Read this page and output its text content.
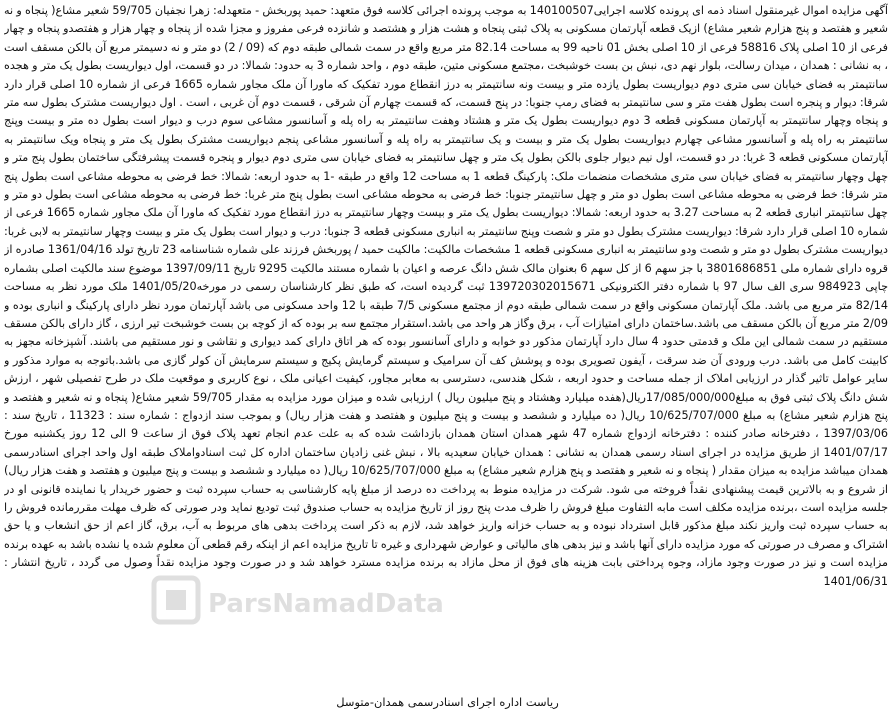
آگهی مزایده اموال غیرمنقول اسناد ذمه ای پرونده کلاسه اجرایی140100507 به موجب پرونده اجرائی کلاسه فوق متعهد: حمید پوربخش - متعهدله: زهرا نجفیان 59/705 شعیر مشاع( پنجاه و نه شعیر و هفتصد و پنج هزارم شعیر مشاع) ازیک قطعه آپارتمان مسکونی به پلاک ثبتی پنجاه و هشت هزار و هشتصد و شانزده فرعی مفروز و مجزا شده از پنجاه و چهار هزار و هفتصدو پنجاه و چهار فرعی از 10 اصلی پلاک 58816 فرعی از 10 اصلی بخش 01 ناحیه 99 به مساحت 82.14 متر مربع واقع در سمت شمالی طبقه دوم که (09 / 2) دو متر و نه دسیمتر مربع آن بالکن مسقف است ، به نشانی : همدان ، میدان رسالت، بلوار نهم دی، نبش بن بست خوشبخت ،مجتمع مسکونی متین، طبقه دوم ، واحد شماره 3 به حدود: شمالا: در دو قسمت، اول دیواریست بطول یک متر و هجده سانتیمتر به فضای خیابان سی متری دوم دیواریست بطول یازده متر و بیست ونه سانتیمتر به درز انقطاع مورد تفکیک که ماورا آن ملک مجاور شماره 1665 فرعی از شماره 10 اصلی قرار دارد شرقا: دیوار و پنجره است بطول هفت متر و سی سانتیمتر به فضای رمپ جنوبا: در پنج قسمت، که قسمت چهارم آن شرقی ، قسمت دوم آن غربی ، است . اول دیواریست مشترک بطول سه متر و پنجاه وچهار سانتیمتر به آپارتمان مسکونی قطعه 3 دوم دیواریست بطول یک متر و هشتاد وهفت سانتیمتر به راه پله و آسانسور مشاعی سوم درب و دیوار است بطول ده متر و بیست وپنج سانتیمتر به راه پله و آسانسور مشاعی چهارم دیواریست بطول یک متر و بیست و یک سانتیمتر به راه پله و آسانسور مشاعی پنجم دیواریست مشترک بطول یک متر و پنجاه ویک سانتیمتر به آپارتمان مسکونی قطعه 3 غربا: در دو قسمت، اول نیم دیوار جلوی بالکن بطول یک متر و چهل سانتیمتر به فضای خیابان سی متری دوم دیوار و پنجره قسمت پیشرفتگی ساختمان بطول پنج متر و چهل وچهار سانتیمتر به فضای خیابان سی متری مشخصات منضمات ملک: پارکینگ قطعه 1 به مساحت 12 واقع در طبقه -1 به حدود اربعه: شمالا: خط فرضی به محوطه مشاعی است بطول پنج متر شرقا: خط فرضی به محوطه مشاعی است بطول دو متر و چهل سانتیمتر جنوبا: خط فرضی به محوطه مشاعی است بطول پنج متر غربا: خط فرضی به محوطه مشاعی است بطول دو متر و چهل سانتیمتر انباری قطعه 2 به مساحت 3.27 به حدود اربعه: شمالا: دیواریست بطول یک متر و بیست وچهار سانتیمتر به درز انقطاع مورد تفکیک که ماورا آن ملک مجاور شماره 1665 فرعی از شماره 10 اصلی قرار دارد شرقا: دیواریست مشترک بطول دو متر و شصت وپنج سانتیمتر به انباری مسکونی قطعه 3 جنوبا: درب و دیوار است بطول یک متر و بیست وچهار سانتیمتر به لابی غربا: دیواریست مشترک بطول دو متر و شصت ودو سانتیمتر به انباری مسکونی قطعه 1 مشخصات مالکیت: مالکیت حمید / پوربخش فرزند علی شماره شناسنامه 23 تاریخ تولد 1361/04/16 صادره از قروه دارای شماره ملی 3801686851 با جز سهم 6 از کل سهم 6 بعنوان مالک شش دانگ عرصه و اعیان با شماره مستند مالکیت 9295 تاریخ 1397/09/11 موضوع سند مالکیت اصلی بشماره چاپی 984923 سری الف سال 97 با شماره دفتر الکترونیکی 139720302015671 ثبت گردیده است، که طبق نظر کارشناسان رسمی در مورخه1401/05/20 ملک مورد نظر به مساحت 82/14 متر مربع می باشد. ملک آپارتمان مسکونی واقع در سمت شمالی طبقه دوم از مجتمع مسکونی 7/5 طبقه با 12 واحد مسکونی می باشد آپارتمان مورد نظر دارای پارکینگ و انباری بوده و 2/09 متر مربع آن بالکن مسقف می باشد.ساختمان دارای امتیازات آب ، برق وگاز هر واحد می باشد.استقرار مجتمع سه بر بوده که از کوچه بن بست خوشبخت تیر ارزی ، گاز دارای بالکن مسقف مستقیم در سمت شمالی این ملک و قدمتی حدود 4 سال دارد آپارتمان مذکور دو خوابه و دارای آسانسور بوده که هر اتاق دارای کمد دیواری و نقاشی و نور مستقیم می باشند. آشپزخانه مجهز به کابینت کامل می باشد. درب ورودی آن ضد سرقت ، آیفون تصویری بوده و پوشش کف آن سرامیک و سیستم گرمایش پکیج و سیستم سرمایش آن کولر گازی می باشد.باتوجه به موارد مذکور و سایر عوامل تاثیر گذار در ارزیابی املاک از جمله مساحت و حدود اربعه ، شکل هندسی، دسترسی به معابر مجاور، کیفیت اعیانی ملک ، نوع کاربری و موقعیت ملک در طرح تفصیلی شهر ، ارزش شش دانگ پلاک ثبتی فوق به مبلغ17/085/000/000ریال(هفده میلیارد وهشتاد و پنج میلیون ریال ) ارزیابی شده و میزان مورد مزایده به مقدار 59/705 شعیر مشاع( پنجاه و نه شعیر و هفتصد و پنج هزارم شعیر مشاع) به مبلغ 10/625/707/000 ریال( ده میلیارد و ششصد و بیست و پنج میلیون و هفتصد و هفت هزار ریال) و بموجب سند ازدواج : شماره سند : 11323 ، تاریخ سند : 1397/03/06 ، دفترخانه صادر کننده : دفترخانه ازدواج شماره 47 شهر همدان استان همدان بازداشت شده که به علت عدم انجام تعهد پلاک فوق از ساعت 9 الی 12 روز یکشنبه مورخ 1401/07/17 از طریق مزایده در اجرای اسناد رسمی همدان به نشانی : همدان خیابان سعیدیه بالا ، نبش غنی زادیان ساختمان اداره کل ثبت اسنادواملاک طبقه اول واحد اجرای اسنادرسمی همدان میباشد مزایده به میزان مقدار ( پنجاه و نه شعیر و هفتصد و پنج هزارم شعیر مشاع) به مبلغ 10/625/707/000 ریال( ده میلیارد و ششصد و بیست و پنج میلیون و هفتصد و هفت هزار ریال) از شروع و به بالاترین قیمت پیشنهادی نقداً فروخته می شود. شرکت در مزایده منوط به پرداخت ده درصد از مبلغ پایه کارشناسی به حساب سپرده ثبت و حضور خریدار یا نماینده قانونی او در جلسه مزایده است ،برنده مزایده مکلف است مابه التفاوت مبلغ فروش را ظرف مدت پنج روز از تاریخ مزایده به حساب صندوق ثبت تودیع نماید ودر صورتی که ظرف مهلت مقررمانده فروش را به حساب سپرده ثبت واریز نکند مبلغ مذکور قابل استرداد نبوده و به حساب خزانه واریز خواهد شد، لازم به ذکر است پرداخت بدهی های مربوط به آب، برق، گاز اعم از حق انشعاب و یا حق اشتراک و مصرف در صورتی که مورد مزایده دارای آنها باشد و نیز بدهی های مالیاتی و عوارض شهرداری و غیره تا تاریخ مزایده اعم از اینکه رقم قطعی آن معلوم شده یا نشده باشد به عهده برنده مزایده است و نیز در صورت وجود مازاد، وجوه پرداختی بابت هزینه های فوق از محل مازاد به برنده مزایده مسترد خواهد شد و در صورت وجود مزایده نقداً وصول می گردد ، تاریخ انتشار : 1401/06/31

ParsNamadData
ریاست اداره اجرای اسنادرسمی همدان-متوسل
